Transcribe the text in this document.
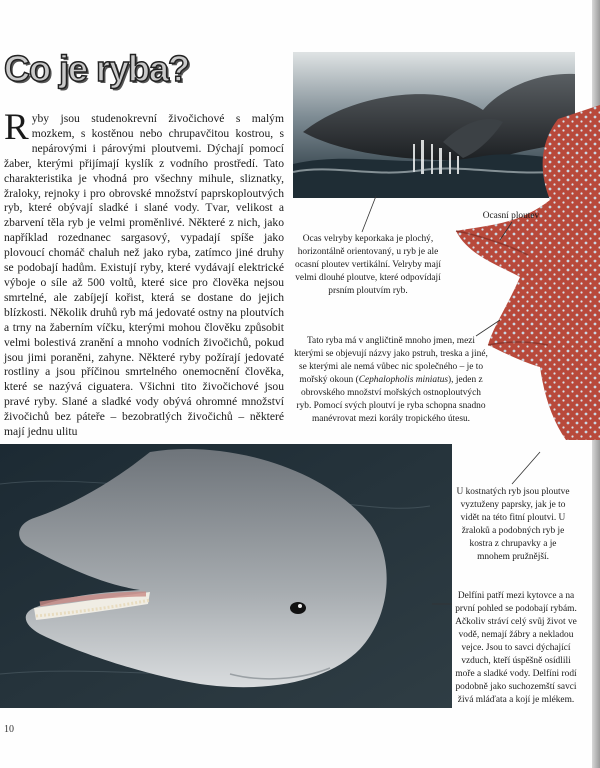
Co je ryba?

Ryby jsou studenokrevní živočichové s malým mozkem, s kostěnou nebo chrupavčitou kostrou, s nepárovými i párovými ploutvemi. Dýchají pomocí žaber, kterými přijímají kyslík z vodního prostředí. Tato charakteristika je vhodná pro všechny mihule, sliznatky, žraloky, rejnoky i pro obrovské množství paprskoploutvých ryb, které obývají sladké i slané vody. Tvar, velikost a zbarvení těla ryb je velmi proměnlivé. Některé z nich, jako například rozednanec sargasový, vypadají spíše jako plovoucí chomáč chaluh než jako ryba, zatímco jiné druhy se podobají hadům. Existují ryby, které vydávají elektrické výboje o síle až 500 voltů, které sice pro člověka nejsou smrtelné, ale zabíjejí kořist, která se dostane do jejich blízkosti. Několik druhů ryb má jedovaté ostny na ploutvích a trny na žaberním víčku, kterými mohou člověku způsobit velmi bolestivá zranění a mnoho vodních živočichů, pokud jsou jimi poraněni, zahyne. Některé ryby požírají jedovaté rostliny a jsou příčinou smrtelného onemocnění člověka, které se nazývá ciguatera. Všichni tito živočichové jsou pravé ryby. Slané a sladké vody obývá ohromné množství živočichů bez páteře – bezobratlých živočichů – některé mají jednu ulitu

Ocasní ploutev

Ocas velryby keporkaka je plochý, horizontálně orientovaný, u ryb je ale ocasní ploutev vertikální. Velryby mají velmi dlouhé ploutve, které odpovídají prsním ploutvím ryb.

Tato ryba má v angličtině mnoho jmen, mezi kterými se objevují názvy jako pstruh, treska a jiné, se kterými ale nemá vůbec nic společného – je to mořský okoun (Cephalopholis miniatus), jeden z obrovského množství mořských ostnoploutvých ryb. Pomocí svých ploutví je ryba schopna snadno manévrovat mezi korály tropického útesu.

U kostnatých ryb jsou ploutve vyztuženy paprsky, jak je to vidět na této fitní ploutvi. U žraloků a podobných ryb je kostra z chrupavky a je mnohem pružnější.

Delfíni patří mezi kytovce a na první pohled se podobají rybám. Ačkoliv stráví celý svůj život ve vodě, nemají žábry a nekladou vejce. Jsou to savci dýchající vzduch, kteří úspěšně osídlili moře a sladké vody. Delfíni rodí podobně jako suchozemští savci živá mláďata a kojí je mlékem.

10
